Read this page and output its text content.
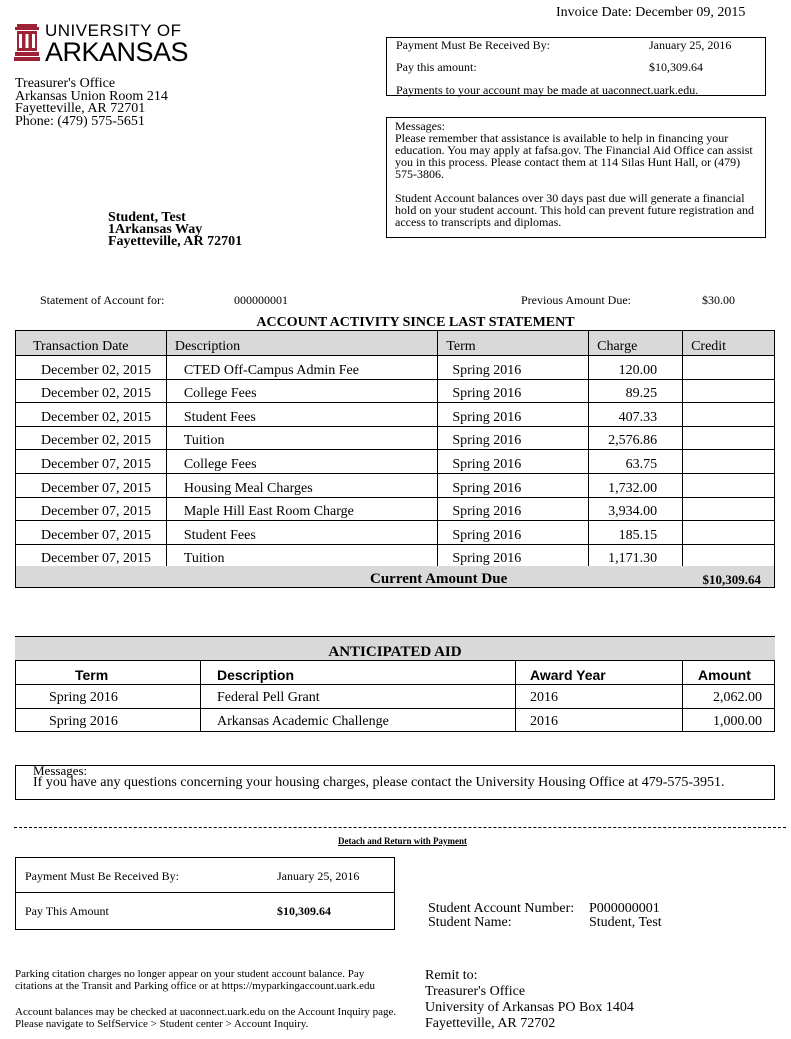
UNIVERSITY OF
ARKANSAS
Invoice Date: December 09, 2015
Treasurer's Office
Arkansas Union Room 214
Fayetteville, AR 72701
Phone: (479) 575-5651
Payment Must Be Received By:	January 25, 2016
Pay this amount:	$10,309.64
Payments to your account may be made at uaconnect.uark.edu.
Messages:

Please remember that assistance is available to help in financing your education. You may apply at fafsa.gov. The Financial Aid Office can assist you in this process. Please contact them at 114 Silas Hunt Hall, or (479) 575-3806.

Student Account balances over 30 days past due will generate a financial hold on your student account. This hold can prevent future registration and access to transcripts and diplomas.

Student, Test
1Arkansas Way
Fayetteville, AR 72701
Statement of Account for:	000000001	Previous Amount Due:	$30.00
ACCOUNT ACTIVITY SINCE LAST STATEMENT
Transaction Date	Description	Term	Charge	Credit
December 02, 2015	CTED Off-Campus Admin Fee	Spring 2016	120.00	
December 02, 2015	College Fees	Spring 2016	89.25	
December 02, 2015	Student Fees	Spring 2016	407.33	
December 02, 2015	Tuition	Spring 2016	2,576.86	
December 07, 2015	College Fees	Spring 2016	63.75	
December 07, 2015	Housing Meal Charges	Spring 2016	1,732.00	
December 07, 2015	Maple Hill East Room Charge	Spring 2016	3,934.00	
December 07, 2015	Student Fees	Spring 2016	185.15	
December 07, 2015	Tuition	Spring 2016	1,171.30	
Current Amount Due	$10,309.64
ANTICIPATED AID
Term	Description	Award Year	Amount
Spring 2016	Federal Pell Grant	2016	2,062.00
Spring 2016	Arkansas Academic Challenge	2016	1,000.00
Messages:
If you have any questions concerning your housing charges, please contact the University Housing Office at 479-575-3951.
Detach and Return with Payment
Payment Must Be Received By:	January 25, 2016
Pay This Amount	$10,309.64	Student Account Number: P000000001
Student Name:	Student, Test
Parking citation charges no longer appear on your student account balance. Pay
citations at the Transit and Parking office or at https://myparkingaccount.uark.edu
Account balances may be checked at uaconnect.uark.edu on the Account Inquiry page.
Please navigate to SelfService > Student center > Account Inquiry.
Remit to:
Treasurer's Office
University of Arkansas PO Box 1404
Fayetteville, AR 72702
